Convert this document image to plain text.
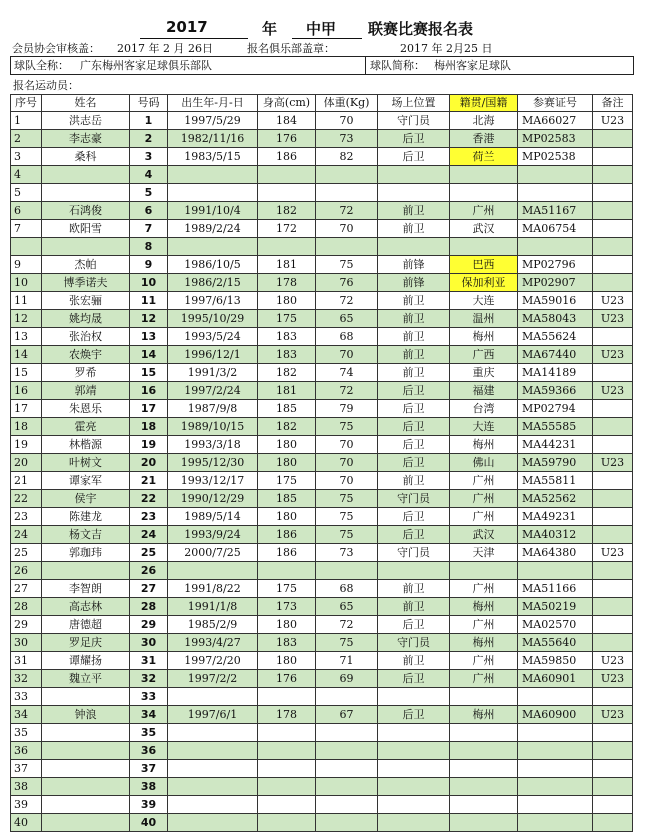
2017	年 中甲 联赛比赛报名表
会员协会审核盖： 2017 年 2 月 26日	报名俱乐部盖章：	2017 年 2月25 日
球队全称： 广东梅州客家足球俱乐部队	球队简称： 梅州客家足球队
报名运动员：
序号	姓名	号码	出生年-月-日	身高(cm)	体重(Kg)	场上位置	籍贯/国籍	参赛证号	备注
1	洪志岳	1	1997/5/29	184	70	守门员	北海	MA66027	U23
2	李志豪	2	1982/11/16	176	73	后卫	香港	MP02583	
3	桑科	3	1983/5/15	186	82	后卫	荷兰	MP02538	
4		4							
5		5							
6	石鸿俊	6	1991/10/4	182	72	前卫	广州	MA51167	
7	欧阳雪	7	1989/2/24	172	70	前卫	武汉	MA06754	
		8							
9	杰帕	9	1986/10/5	181	75	前锋	巴西	MP02796	
10	博季诺夫	10	1986/2/15	178	76	前锋	保加利亚	MP02907	
11	张宏骊	11	1997/6/13	180	72	前卫	大连	MA59016	U23
12	姚均晟	12	1995/10/29	175	65	前卫	温州	MA58043	U23
13	张治权	13	1993/5/24	183	68	前卫	梅州	MA55624	
14	农焕宇	14	1996/12/1	183	70	前卫	广西	MA67440	U23
15	罗希	15	1991/3/2	182	74	前卫	重庆	MA14189	
16	郭靖	16	1997/2/24	181	72	后卫	福建	MA59366	U23
17	朱恩乐	17	1987/9/8	185	79	后卫	台湾	MP02794	
18	霍亮	18	1989/10/15	182	75	后卫	大连	MA55585	
19	林楷源	19	1993/3/18	180	70	后卫	梅州	MA44231	
20	叶树文	20	1995/12/30	180	70	后卫	佛山	MA59790	U23
21	谭家军	21	1993/12/17	175	70	前卫	广州	MA55811	
22	侯宇	22	1990/12/29	185	75	守门员	广州	MA52562	
23	陈建龙	23	1989/5/14	180	75	后卫	广州	MA49231	
24	杨文吉	24	1993/9/24	186	75	后卫	武汉	MA40312	
25	郭珈玮	25	2000/7/25	186	73	守门员	天津	MA64380	U23
26		26							
27	李智朗	27	1991/8/22	175	68	前卫	广州	MA51166	
28	高志林	28	1991/1/8	173	65	前卫	梅州	MA50219	
29	唐德超	29	1985/2/9	180	72	后卫	广州	MA02570	
30	罗足庆	30	1993/4/27	183	75	守门员	梅州	MA55640	
31	谭耀扬	31	1997/2/20	180	71	前卫	广州	MA59850	U23
32	魏立平	32	1997/2/2	176	69	后卫	广州	MA60901	U23
33		33							
34	钟浪	34	1997/6/1	178	67	后卫	梅州	MA60900	U23
35		35							
36		36							
37		37							
38		38							
39		39							
40		40							
